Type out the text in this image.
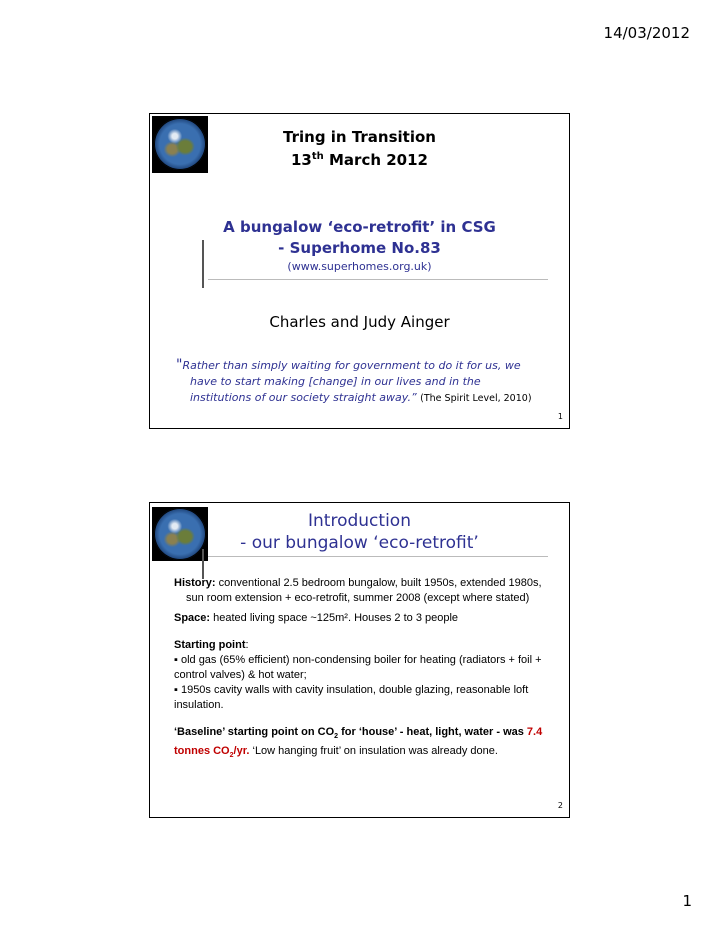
14/03/2012
Tring in Transition
13th March 2012
A bungalow ‘eco-retrofit’ in CSG
- Superhome No.83
(www.superhomes.org.uk)
Charles and Judy Ainger
"Rather than simply waiting for government to do it for us, we
have to start making [change] in our lives and in the
institutions of our society straight away.” (The Spirit Level, 2010)
1
Introduction
- our bungalow ‘eco-retrofit’

History: conventional 2.5 bedroom bungalow, built 1950s, extended 1980s, sun room extension + eco-retrofit, summer 2008 (except where stated)

Space: heated living space ~125m². Houses 2 to 3 people

Starting point:

▪ old gas (65% efficient) non-condensing boiler for heating (radiators + foil + control valves) & hot water;

▪ 1950s cavity walls with cavity insulation, double glazing, reasonable loft insulation.

‘Baseline’ starting point on $CO_2$ for ‘house’ - heat, light, water - was 7.4 tonnes $CO_2/yr$. ‘Low hanging fruit’ on insulation was already done.

2
1
